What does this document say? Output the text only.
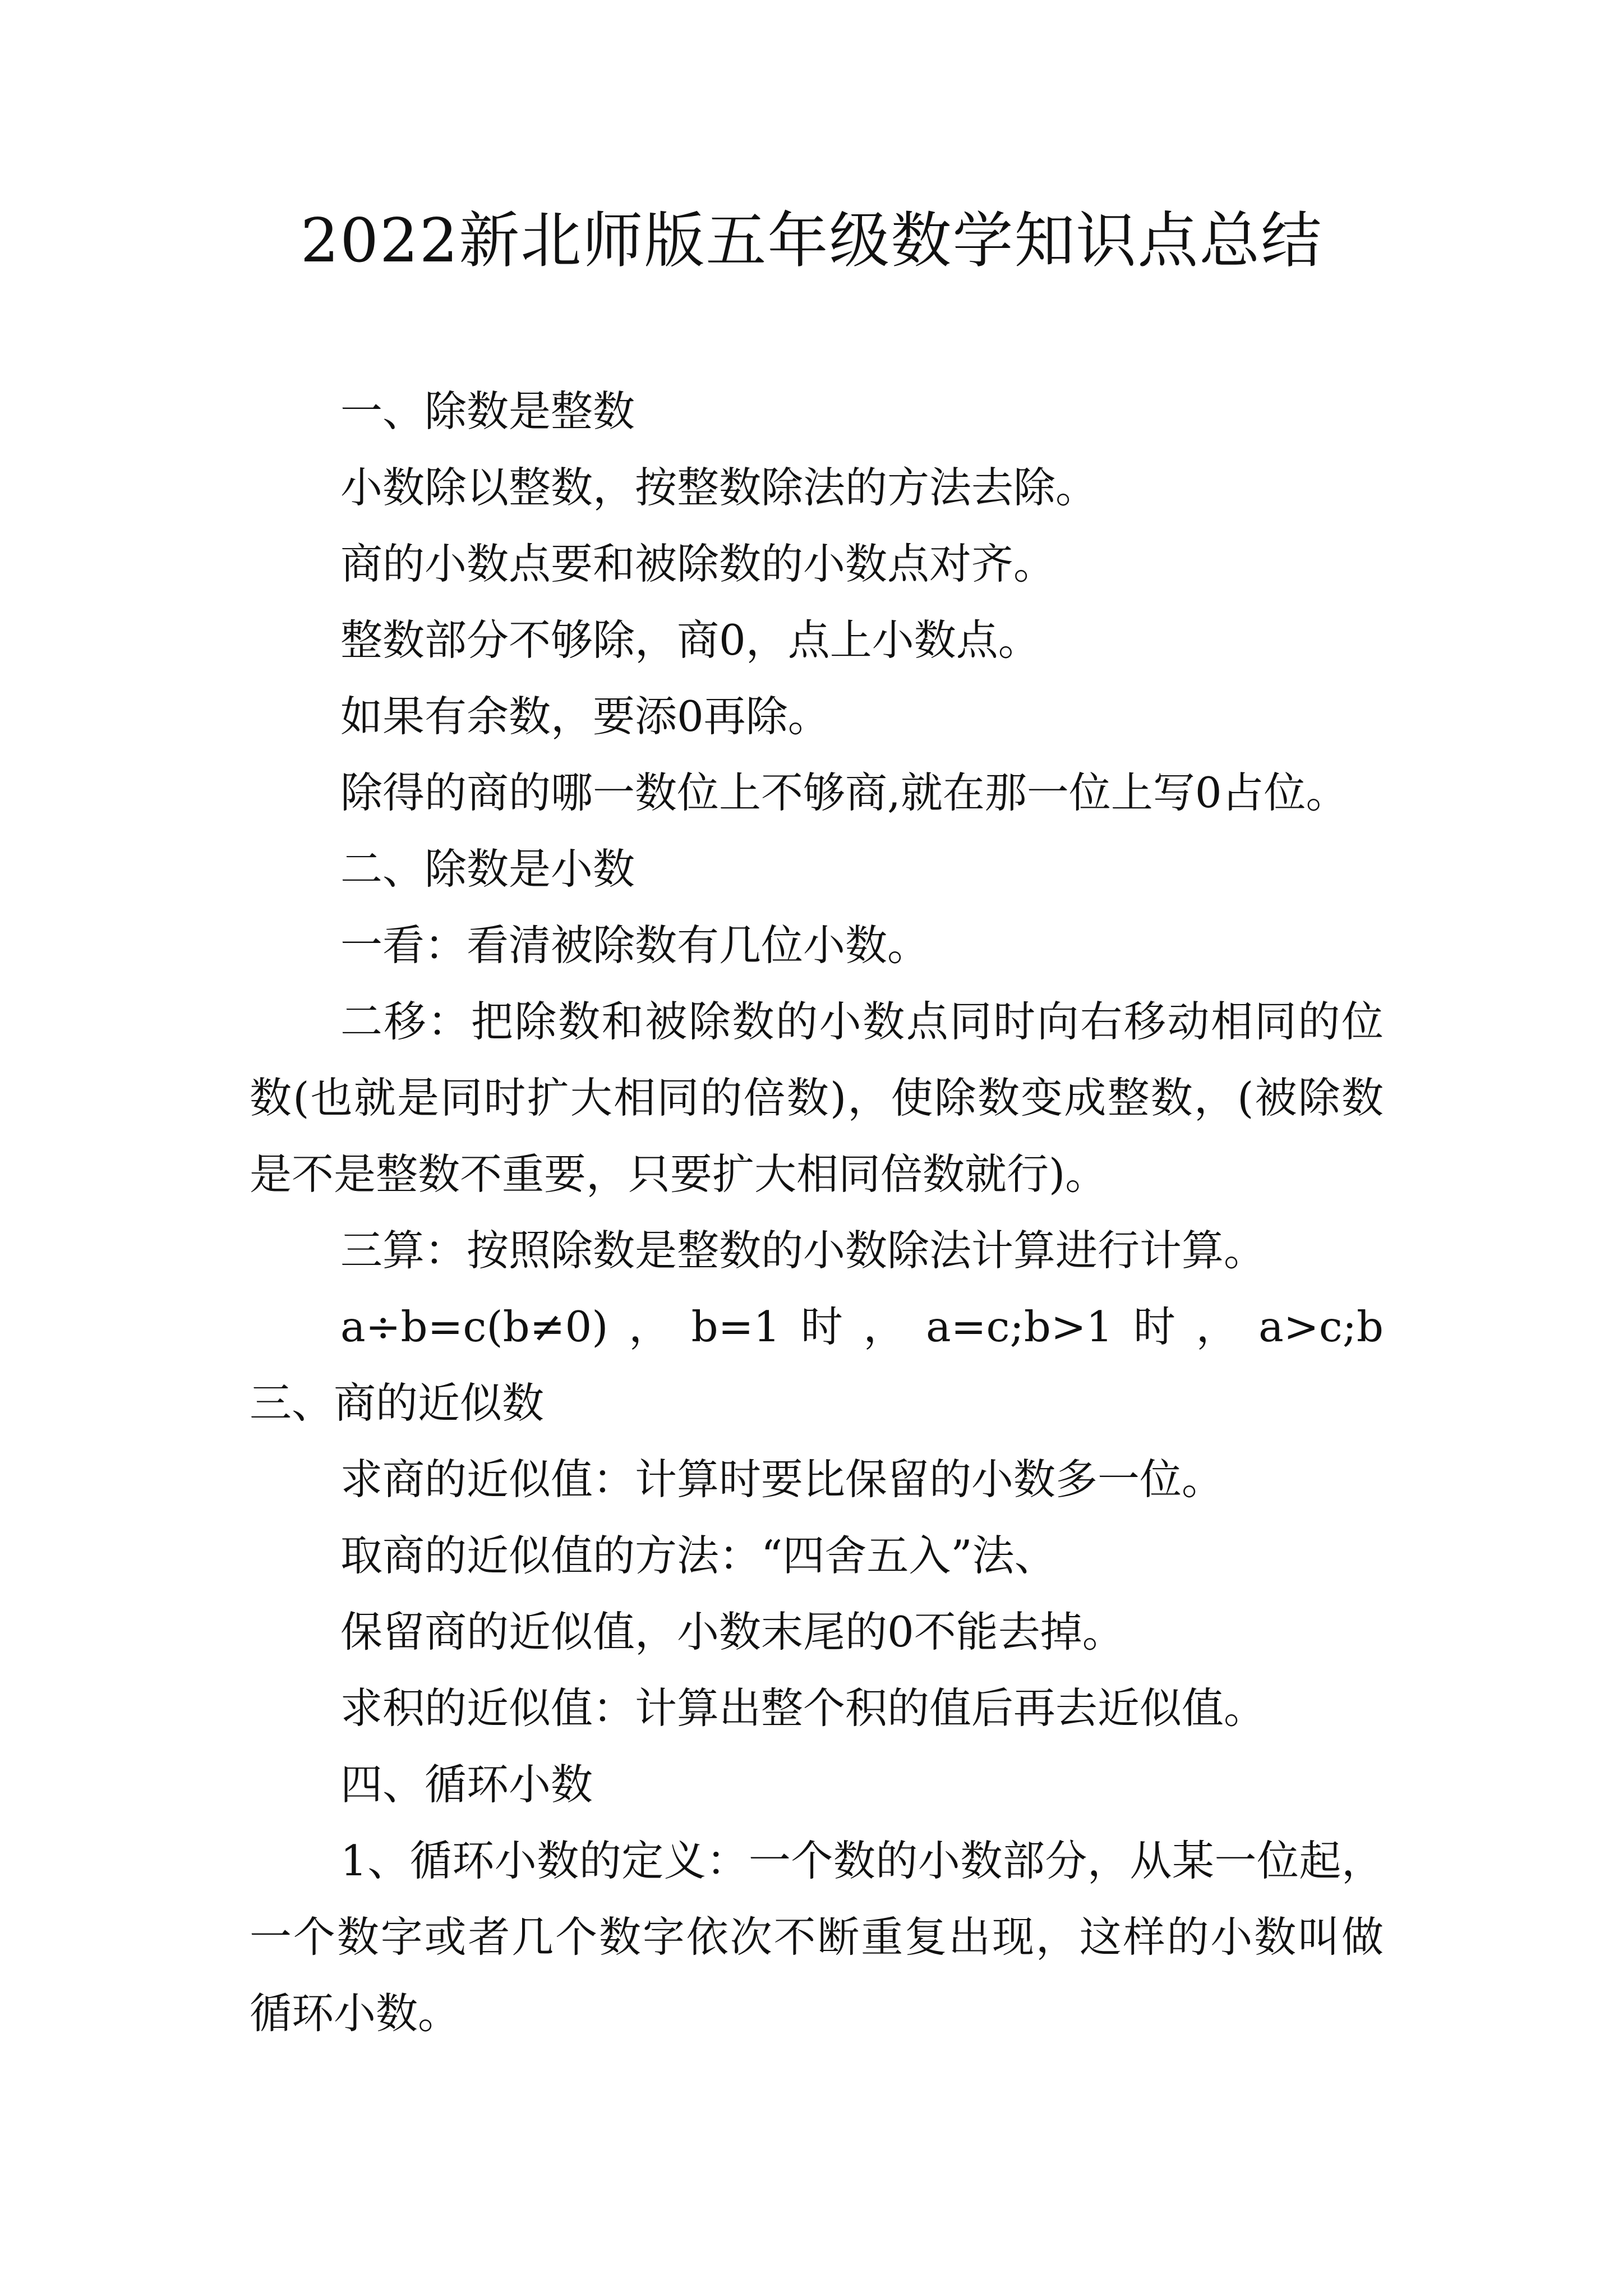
2022新北师版五年级数学知识点总结

一、除数是整数

小数除以整数，按整数除法的方法去除。

商的小数点要和被除数的小数点对齐。

整数部分不够除，商0，点上小数点。

如果有余数，要添0再除。

除得的商的哪一数位上不够商,就在那一位上写0占位。

二、除数是小数

一看：看清被除数有几位小数。

二移：把除数和被除数的小数点同时向右移动相同的位数(也就是同时扩大相同的倍数)，使除数变成整数，(被除数是不是整数不重要，只要扩大相同倍数就行)。

三算：按照除数是整数的小数除法计算进行计算。

a÷b=c(b≠0)，b=1时，a=c;b>1时，a>c;b　　三、商的近似数

求商的近似值：计算时要比保留的小数多一位。

取商的近似值的方法：“四舍五入”法、

保留商的近似值，小数末尾的0不能去掉。

求积的近似值：计算出整个积的值后再去近似值。

四、循环小数

1、循环小数的定义：一个数的小数部分，从某一位起，一个数字或者几个数字依次不断重复出现，这样的小数叫做循环小数。
